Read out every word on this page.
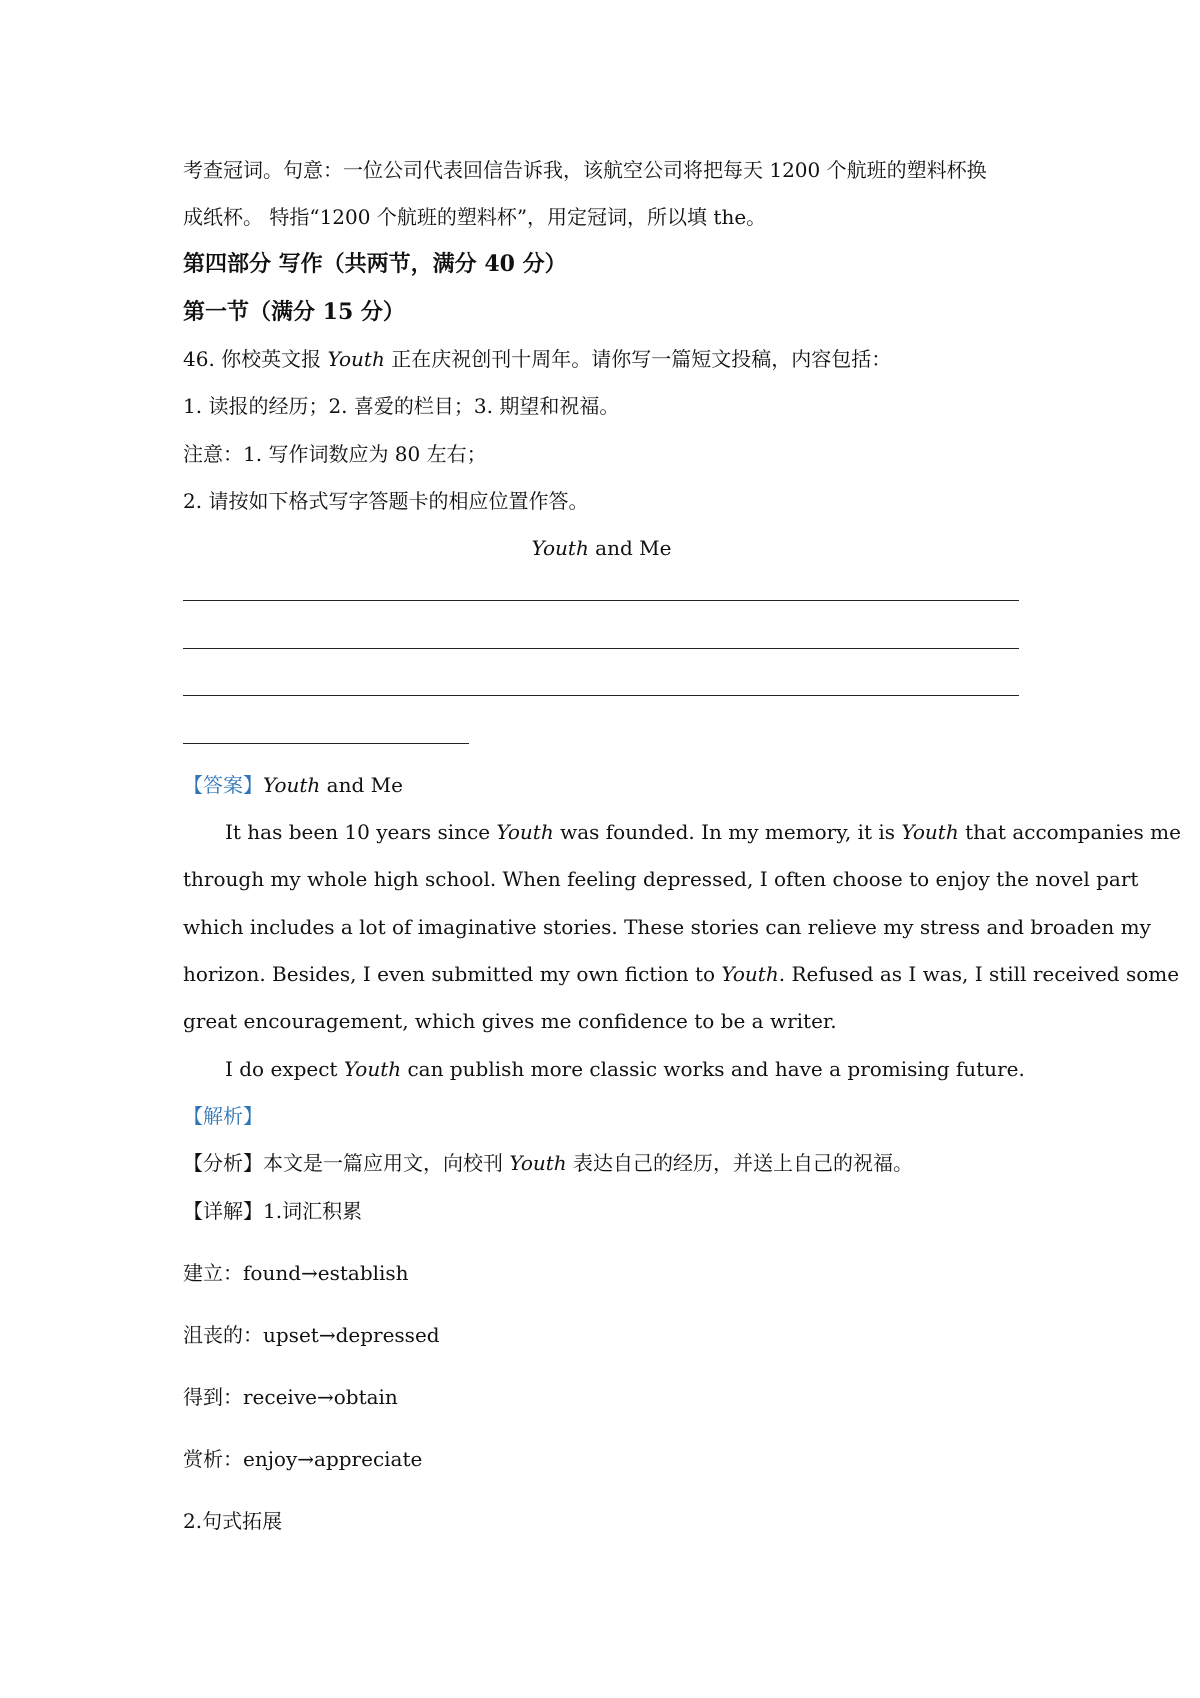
考查冠词。句意：一位公司代表回信告诉我，该航空公司将把每天 1200 个航班的塑料杯换
成纸杯。 特指“1200 个航班的塑料杯”，用定冠词，所以填 the。
第四部分 写作（共两节，满分 40 分）
第一节（满分 15 分）
46. 你校英文报 Youth 正在庆祝创刊十周年。请你写一篇短文投稿，内容包括：
1. 读报的经历；2. 喜爱的栏目；3. 期望和祝福。
注意：1. 写作词数应为 80 左右；
2. 请按如下格式写字答题卡的相应位置作答。
Youth and Me
【答案】Youth and Me
It has been 10 years since Youth was founded. In my memory, it is Youth that accompanies me
through my whole high school. When feeling depressed, I often choose to enjoy the novel part
which includes a lot of imaginative stories. These stories can relieve my stress and broaden my
horizon. Besides, I even submitted my own fiction to Youth. Refused as I was, I still received some
great encouragement, which gives me confidence to be a writer.
I do expect Youth can publish more classic works and have a promising future.
【解析】
【分析】本文是一篇应用文，向校刊 Youth 表达自己的经历，并送上自己的祝福。
【详解】1.词汇积累
建立：found→establish
沮丧的：upset→depressed
得到：receive→obtain
赏析：enjoy→appreciate
2.句式拓展
